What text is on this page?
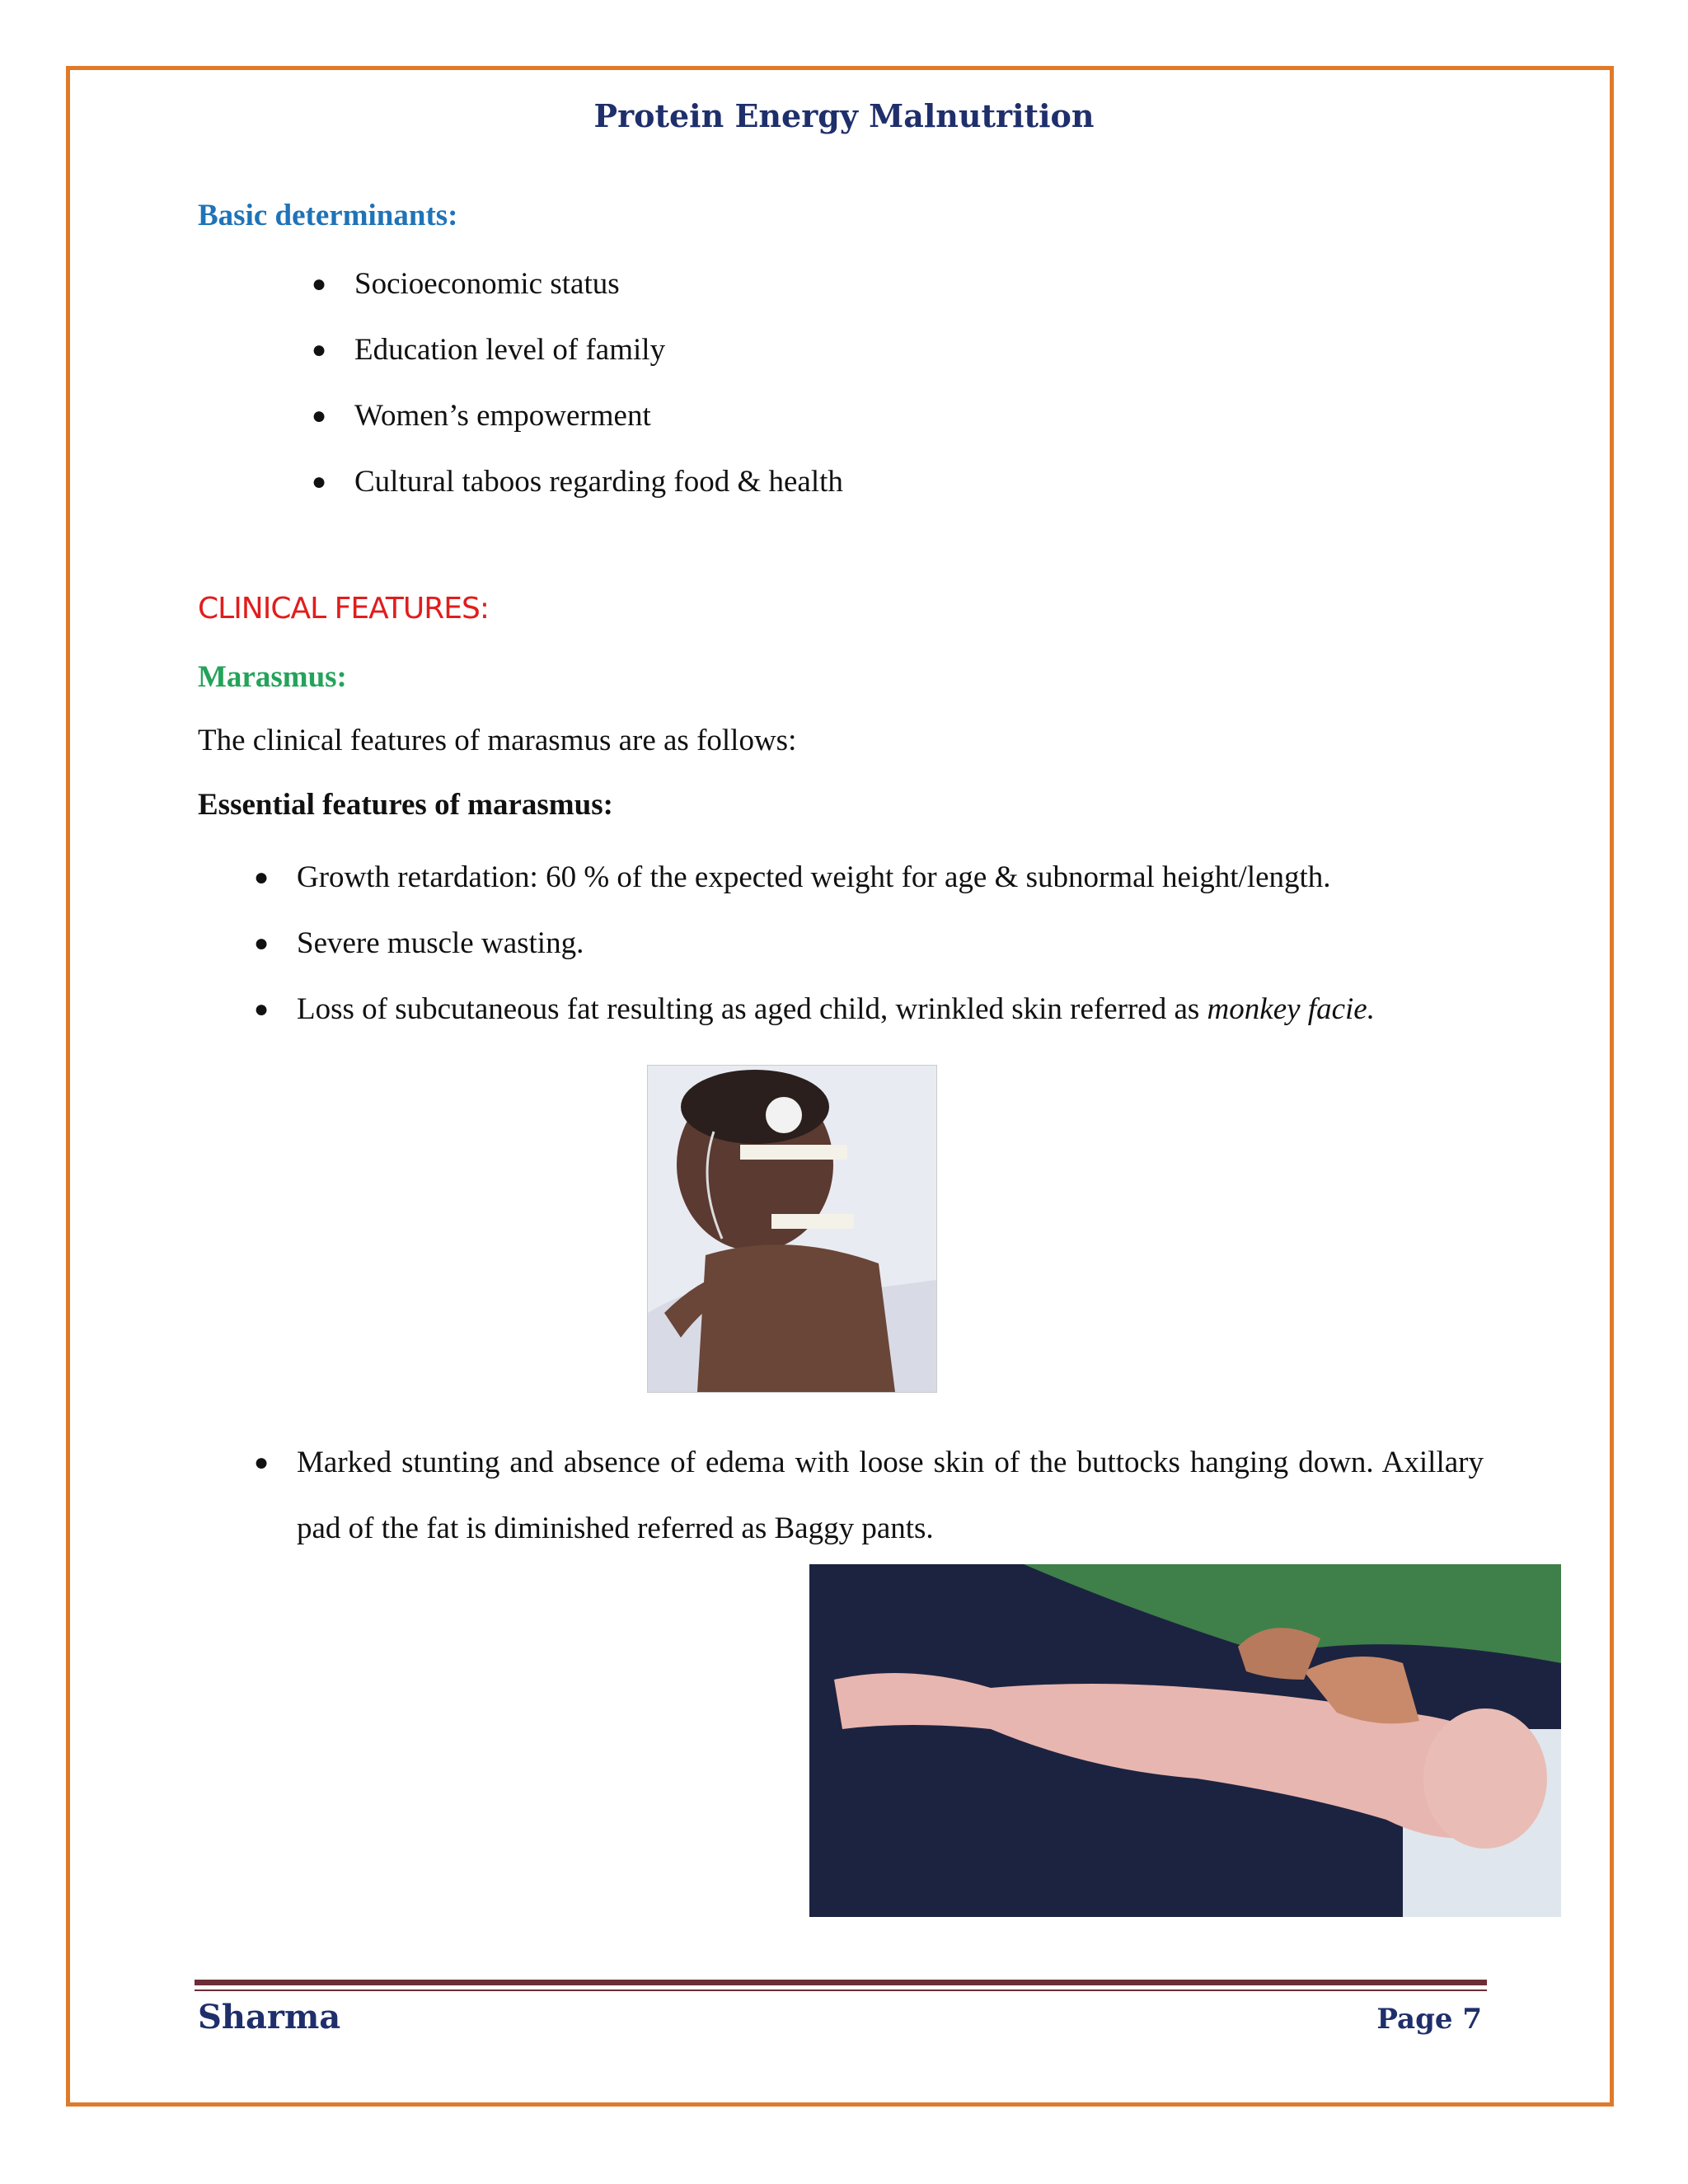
Protein Energy Malnutrition
Basic determinants:
● Socioeconomic status
● Education level of family
● Women’s empowerment
● Cultural taboos regarding food & health
CLINICAL FEATURES:
Marasmus:

The clinical features of marasmus are as follows:

Essential features of marasmus:

● Growth retardation: 60 % of the expected weight for age & subnormal height/length.
● Severe muscle wasting.
● Loss of subcutaneous fat resulting as aged child, wrinkled skin referred as monkey facie.
● Marked stunting and absence of edema with loose skin of the buttocks hanging down. Axillary pad of the fat is diminished referred as Baggy pants.

Sharma	Page 7
